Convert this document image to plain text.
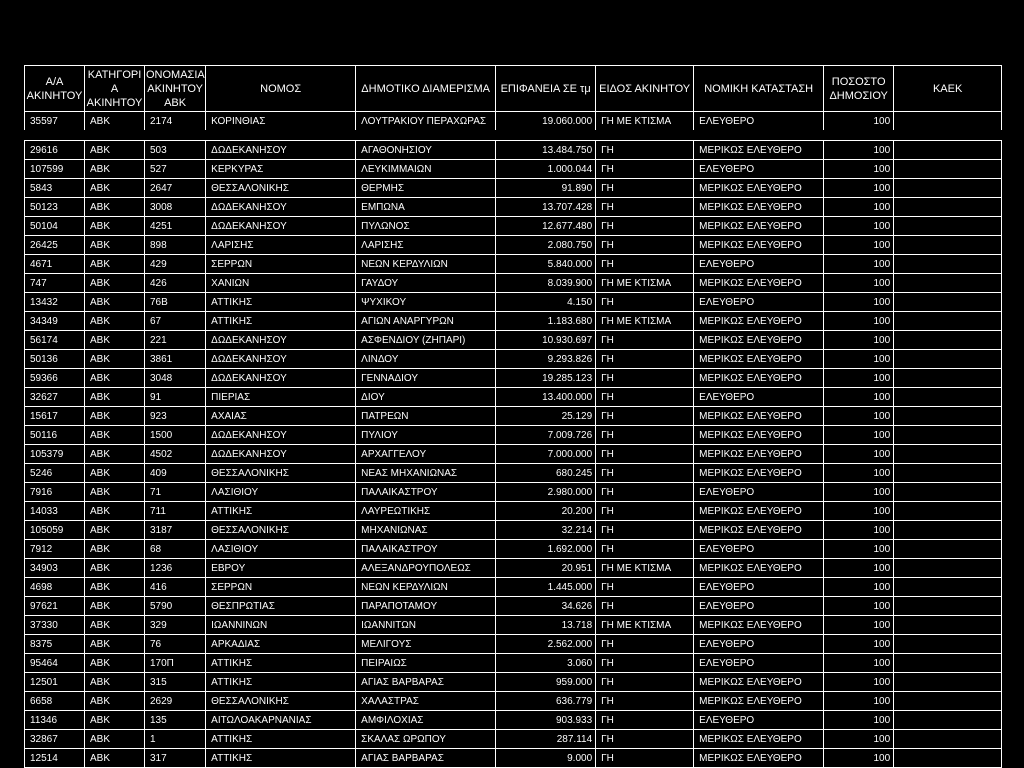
Α/Α ΑΚΙΝΗΤΟΥ	ΚΑΤΗΓΟΡΙ Α ΑΚΙΝΗΤΟΥ	ΟΝΟΜΑΣΙΑ ΑΚΙΝΗΤΟΥ ΑΒΚ	ΝΟΜΟΣ	ΔΗΜΟΤΙΚΟ ΔΙΑΜΕΡΙΣΜΑ	ΕΠΙΦΑΝΕΙΑ ΣΕ τμ	ΕΙΔΟΣ ΑΚΙΝΗΤΟΥ	ΝΟΜΙΚΗ ΚΑΤΑΣΤΑΣΗ	ΠΟΣΟΣΤΟ ΔΗΜΟΣΙΟΥ	ΚΑΕΚ
35597	ΑΒΚ	2174	ΚΟΡΙΝΘΙΑΣ	ΛΟΥΤΡΑΚΙΟΥ ΠΕΡΑΧΩΡΑΣ	19.060.000	ΓΗ ΜΕ ΚΤΙΣΜΑ	ΕΛΕΥΘΕΡΟ	100	

29616	ΑΒΚ	503	ΔΩΔΕΚΑΝΗΣΟΥ	ΑΓΑΘΟΝΗΣΙΟΥ	13.484.750	ΓΗ	ΜΕΡΙΚΩΣ ΕΛΕΥΘΕΡΟ	100	
107599	ΑΒΚ	527	ΚΕΡΚΥΡΑΣ	ΛΕΥΚΙΜΜΑΙΩΝ	1.000.044	ΓΗ	ΕΛΕΥΘΕΡΟ	100	
5843	ΑΒΚ	2647	ΘΕΣΣΑΛΟΝΙΚΗΣ	ΘΕΡΜΗΣ	91.890	ΓΗ	ΜΕΡΙΚΩΣ ΕΛΕΥΘΕΡΟ	100	
50123	ΑΒΚ	3008	ΔΩΔΕΚΑΝΗΣΟΥ	ΕΜΠΩΝΑ	13.707.428	ΓΗ	ΜΕΡΙΚΩΣ ΕΛΕΥΘΕΡΟ	100	
50104	ΑΒΚ	4251	ΔΩΔΕΚΑΝΗΣΟΥ	ΠΥΛΩΝΟΣ	12.677.480	ΓΗ	ΜΕΡΙΚΩΣ ΕΛΕΥΘΕΡΟ	100	
26425	ΑΒΚ	898	ΛΑΡΙΣΗΣ	ΛΑΡΙΣΗΣ	2.080.750	ΓΗ	ΜΕΡΙΚΩΣ ΕΛΕΥΘΕΡΟ	100	
4671	ΑΒΚ	429	ΣΕΡΡΩΝ	ΝΕΩΝ ΚΕΡΔΥΛΙΩΝ	5.840.000	ΓΗ	ΕΛΕΥΘΕΡΟ	100	
747	ΑΒΚ	426	ΧΑΝΙΩΝ	ΓΑΥΔΟΥ	8.039.900	ΓΗ ΜΕ ΚΤΙΣΜΑ	ΜΕΡΙΚΩΣ ΕΛΕΥΘΕΡΟ	100	
13432	ΑΒΚ	76Β	ΑΤΤΙΚΗΣ	ΨΥΧΙΚΟΥ	4.150	ΓΗ	ΕΛΕΥΘΕΡΟ	100	
34349	ΑΒΚ	67	ΑΤΤΙΚΗΣ	ΑΓΙΩΝ ΑΝΑΡΓΥΡΩΝ	1.183.680	ΓΗ ΜΕ ΚΤΙΣΜΑ	ΜΕΡΙΚΩΣ ΕΛΕΥΘΕΡΟ	100	
56174	ΑΒΚ	221	ΔΩΔΕΚΑΝΗΣΟΥ	ΑΣΦΕΝΔΙΟΥ (ΖΗΠΑΡΙ)	10.930.697	ΓΗ	ΜΕΡΙΚΩΣ ΕΛΕΥΘΕΡΟ	100	
50136	ΑΒΚ	3861	ΔΩΔΕΚΑΝΗΣΟΥ	ΛΙΝΔΟΥ	9.293.826	ΓΗ	ΜΕΡΙΚΩΣ ΕΛΕΥΘΕΡΟ	100	
59366	ΑΒΚ	3048	ΔΩΔΕΚΑΝΗΣΟΥ	ΓΕΝΝΑΔΙΟΥ	19.285.123	ΓΗ	ΜΕΡΙΚΩΣ ΕΛΕΥΘΕΡΟ	100	
32627	ΑΒΚ	91	ΠΙΕΡΙΑΣ	ΔΙΟΥ	13.400.000	ΓΗ	ΕΛΕΥΘΕΡΟ	100	
15617	ΑΒΚ	923	ΑΧΑΙΑΣ	ΠΑΤΡΕΩΝ	25.129	ΓΗ	ΜΕΡΙΚΩΣ ΕΛΕΥΘΕΡΟ	100	
50116	ΑΒΚ	1500	ΔΩΔΕΚΑΝΗΣΟΥ	ΠΥΛΙΟΥ	7.009.726	ΓΗ	ΜΕΡΙΚΩΣ ΕΛΕΥΘΕΡΟ	100	
105379	ΑΒΚ	4502	ΔΩΔΕΚΑΝΗΣΟΥ	ΑΡΧΑΓΓΕΛΟΥ	7.000.000	ΓΗ	ΜΕΡΙΚΩΣ ΕΛΕΥΘΕΡΟ	100	
5246	ΑΒΚ	409	ΘΕΣΣΑΛΟΝΙΚΗΣ	ΝΕΑΣ ΜΗΧΑΝΙΩΝΑΣ	680.245	ΓΗ	ΜΕΡΙΚΩΣ ΕΛΕΥΘΕΡΟ	100	
7916	ΑΒΚ	71	ΛΑΣΙΘΙΟΥ	ΠΑΛΑΙΚΑΣΤΡΟΥ	2.980.000	ΓΗ	ΕΛΕΥΘΕΡΟ	100	
14033	ΑΒΚ	711	ΑΤΤΙΚΗΣ	ΛΑΥΡΕΩΤΙΚΗΣ	20.200	ΓΗ	ΜΕΡΙΚΩΣ ΕΛΕΥΘΕΡΟ	100	
105059	ΑΒΚ	3187	ΘΕΣΣΑΛΟΝΙΚΗΣ	ΜΗΧΑΝΙΩΝΑΣ	32.214	ΓΗ	ΜΕΡΙΚΩΣ ΕΛΕΥΘΕΡΟ	100	
7912	ΑΒΚ	68	ΛΑΣΙΘΙΟΥ	ΠΑΛΑΙΚΑΣΤΡΟΥ	1.692.000	ΓΗ	ΕΛΕΥΘΕΡΟ	100	
34903	ΑΒΚ	1236	ΕΒΡΟΥ	ΑΛΕΞΑΝΔΡΟΥΠΟΛΕΩΣ	20.951	ΓΗ ΜΕ ΚΤΙΣΜΑ	ΜΕΡΙΚΩΣ ΕΛΕΥΘΕΡΟ	100	
4698	ΑΒΚ	416	ΣΕΡΡΩΝ	ΝΕΩΝ ΚΕΡΔΥΛΙΩΝ	1.445.000	ΓΗ	ΕΛΕΥΘΕΡΟ	100	
97621	ΑΒΚ	5790	ΘΕΣΠΡΩΤΙΑΣ	ΠΑΡΑΠΟΤΑΜΟΥ	34.626	ΓΗ	ΕΛΕΥΘΕΡΟ	100	
37330	ΑΒΚ	329	ΙΩΑΝΝΙΝΩΝ	ΙΩΑΝΝΙΤΩΝ	13.718	ΓΗ ΜΕ ΚΤΙΣΜΑ	ΜΕΡΙΚΩΣ ΕΛΕΥΘΕΡΟ	100	
8375	ΑΒΚ	76	ΑΡΚΑΔΙΑΣ	ΜΕΛΙΓΟΥΣ	2.562.000	ΓΗ	ΕΛΕΥΘΕΡΟ	100	
95464	ΑΒΚ	170Π	ΑΤΤΙΚΗΣ	ΠΕΙΡΑΙΩΣ	3.060	ΓΗ	ΕΛΕΥΘΕΡΟ	100	
12501	ΑΒΚ	315	ΑΤΤΙΚΗΣ	ΑΓΙΑΣ ΒΑΡΒΑΡΑΣ	959.000	ΓΗ	ΜΕΡΙΚΩΣ ΕΛΕΥΘΕΡΟ	100	
6658	ΑΒΚ	2629	ΘΕΣΣΑΛΟΝΙΚΗΣ	ΧΑΛΑΣΤΡΑΣ	636.779	ΓΗ	ΜΕΡΙΚΩΣ ΕΛΕΥΘΕΡΟ	100	
11346	ΑΒΚ	135	ΑΙΤΩΛΟΑΚΑΡΝΑΝΙΑΣ	ΑΜΦΙΛΟΧΙΑΣ	903.933	ΓΗ	ΕΛΕΥΘΕΡΟ	100	
32867	ΑΒΚ	1	ΑΤΤΙΚΗΣ	ΣΚΑΛΑΣ ΩΡΩΠΟΥ	287.114	ΓΗ	ΜΕΡΙΚΩΣ ΕΛΕΥΘΕΡΟ	100	
12514	ΑΒΚ	317	ΑΤΤΙΚΗΣ	ΑΓΙΑΣ ΒΑΡΒΑΡΑΣ	9.000	ΓΗ	ΜΕΡΙΚΩΣ ΕΛΕΥΘΕΡΟ	100	
